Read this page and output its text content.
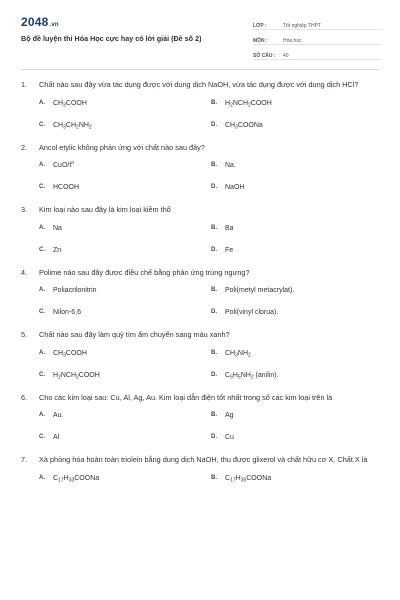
2048.vn
Bộ đề luyện thi Hóa Học cực hay có lời giải (Đề số 2)
LỚP :	Tốt nghiệp THPT
MÔN :	Hóa học
SỐ CÂU :	40
1.	Chất nào sau đây vừa tác dụng được với dung dịch NaOH, vừa tác dụng được với dung dịch HCl?
A.	$CH_3COOH$	B.	$H_2NCH_2COOH$
C.	$CH_3CH_2NH_2$	D.	$CH_3COONa$
2.	Ancol etylic không phản ứng với chất nào sau đây?
A.	CuO/$t^o$	B.	Na.
C.	HCOOH	D.	NaOH
3.	Kim loại nào sau đây là kim loại kiềm thổ
A.	Na	B.	Ba
C.	Zn	D.	Fe
4.	Polime nào sau đây được điều chế bằng phản ứng trùng ngưng?
A.	Poliacrilonitrin	B.	Poli(metyl metacrylat).
C.	Nilon-6,6	D.	Poli(vinyl clorua).
5.	Chất nào sau đây làm quỳ tím ẩm chuyển sang màu xanh?
A.	$CH_3COOH$	B.	$CH_3NH_2$
C.	$H_2NCH_2COOH$	D.	$C_6H_5NH_2$ (anilin).
6.	Cho các kim loại sau: Cu, Al, Ag, Au. Kim loại dẫn điện tốt nhất trong số các kim loại trên là
A.	Au.	B.	Ag
C.	Al	D.	Cu
7.	Xà phòng hóa hoàn toàn triolein bằng dung dịch NaOH, thu được glixerol và chất hữu cơ X. Chất X là
A.	$C_{17}H_{33}COONa$	B.	$C_{17}H_{35}COONa$
